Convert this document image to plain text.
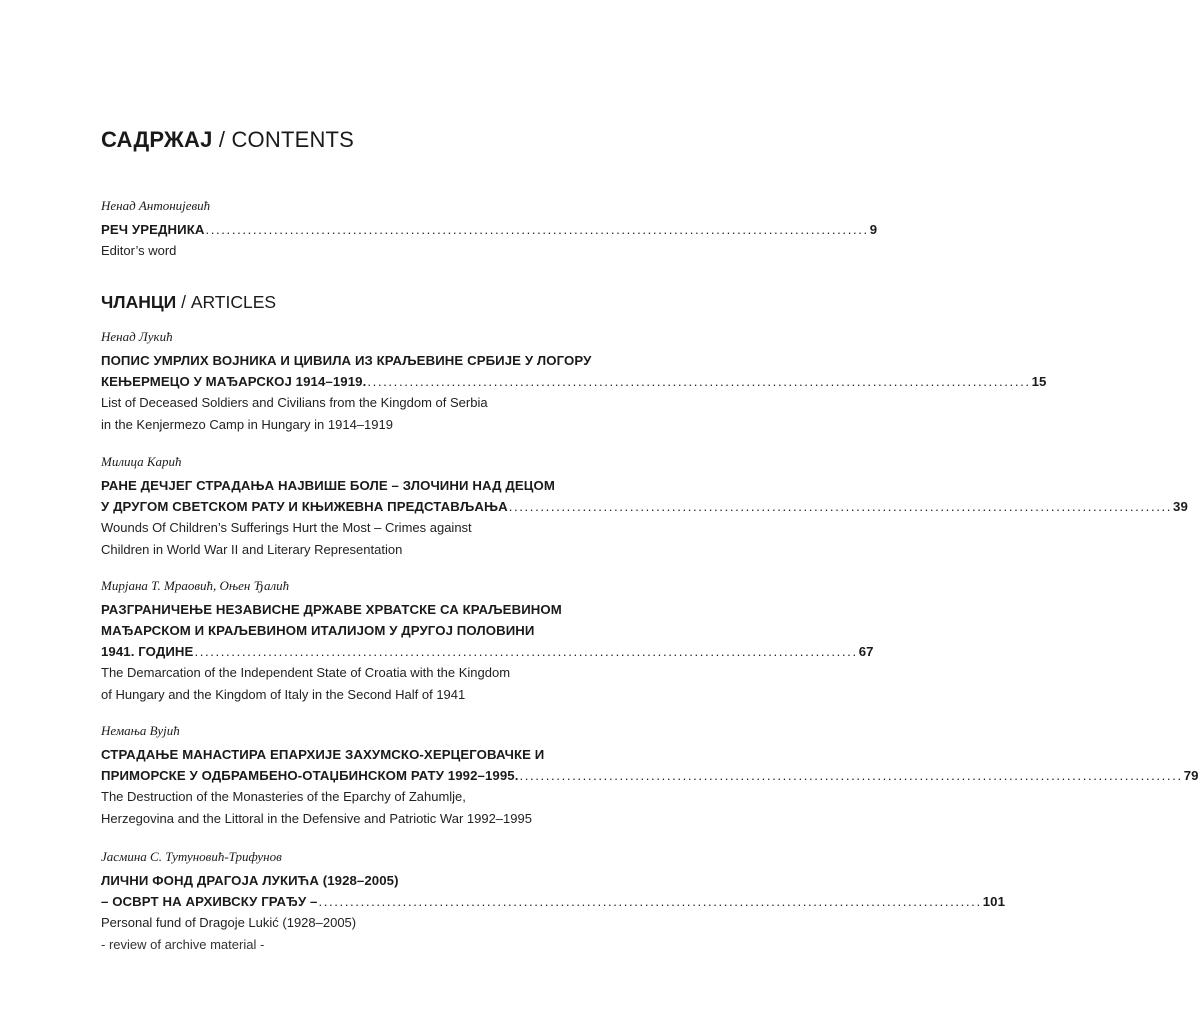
САДРЖАЈ / CONTENTS
Ненад Антонијевић
РЕЧ УРЕДНИКА .............................................................................................................................. 9
Editor’s word
ЧЛАНЦИ / ARTICLES
Ненад Лукић
ПОПИС УМРЛИХ ВОЈНИКА И ЦИВИЛА ИЗ КРАЉЕВИНЕ СРБИЈЕ У ЛОГОРУ
КЕЊЕРМЕЦО У МАЂАРСКОЈ 1914–1919. .............................................................................................................................. 15
List of Deceased Soldiers and Civilians from the Kingdom of Serbia
in the Kenjermezo Camp in Hungary in 1914–1919
Милица Карић
РАНЕ ДЕЧЈЕГ СТРАДАЊА НАЈВИШЕ БОЛЕ – ЗЛОЧИНИ НАД ДЕЦОМ
У ДРУГОМ СВЕТСКОМ РАТУ И КЊИЖЕВНА ПРЕДСТАВЉАЊА .............................................................................................................................. 39
Wounds Of Children’s Sufferings Hurt the Most – Crimes against
Children in World War II and Literary Representation
Мирјана Т. Мраовић, Оњен Ђалић
РАЗГРАНИЧЕЊЕ НЕЗАВИСНЕ ДРЖАВЕ ХРВАТСКЕ СА КРАЉЕВИНОМ
МАЂАРСКОМ И КРАЉЕВИНОМ ИТАЛИЈОМ У ДРУГОЈ ПОЛОВИНИ
1941. ГОДИНЕ .............................................................................................................................. 67
The Demarcation of the Independent State of Croatia with the Kingdom
of Hungary and the Kingdom of Italy in the Second Half of 1941
Немања Вујић
СТРАДАЊЕ МАНАСТИРА ЕПАРХИЈЕ ЗАХУМСКО-ХЕРЦЕГОВАЧКЕ И
ПРИМОРСКЕ У ОДБРАМБЕНО-ОТАЏБИНСКОМ РАТУ 1992–1995. .............................................................................................................................. 79
The Destruction of the Monasteries of the Eparchy of Zahumlje,
Herzegovina and the Littoral in the Defensive and Patriotic War 1992–1995
Јасмина С. Тутуновић-Трифунов
ЛИЧНИ ФОНД ДРАГОЈА ЛУКИЋА (1928–2005)
– ОСВРТ НА АРХИВСКУ ГРАЂУ – .............................................................................................................................. 101
Personal fund of Dragoje Lukić (1928–2005)
- review of archive material -
